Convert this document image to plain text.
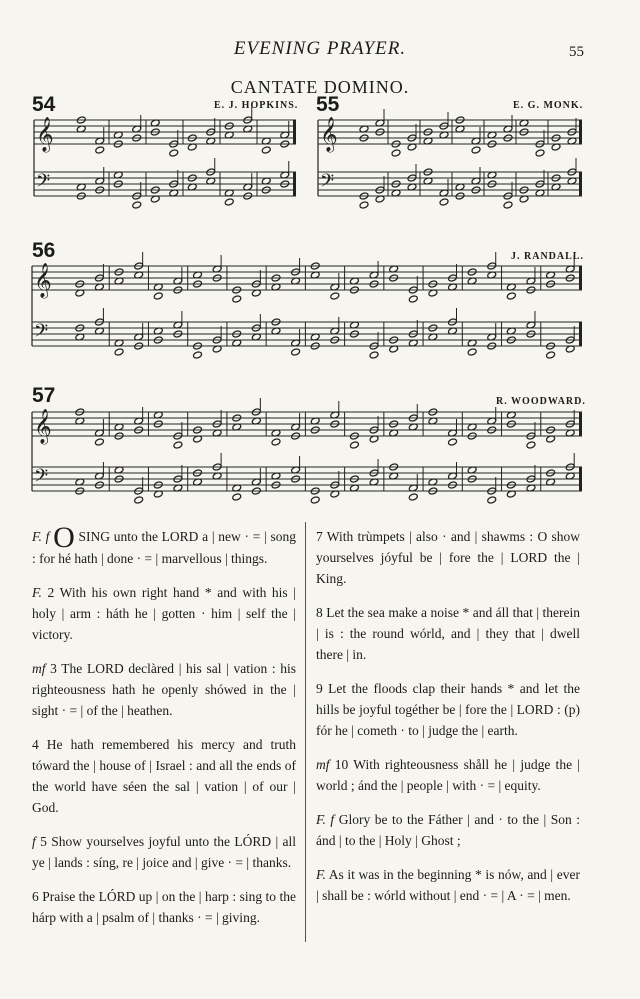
EVENING PRAYER.	55
CANTATE DOMINO.
54	E. J. HOPKINS. 55	E. G. MONK.
56	J. RANDALL.
57	R. WOODWARD.
𝄞
𝄢
𝄞
𝄢
𝄞
𝄢
𝄞
𝄢

F. f O SING unto the LORD a | new · = | song : for hé hath | done · = | marvellous | things.

F. 2 With his own right hand * and with his | holy | arm : háth he | gotten · him | self the | victory.

mf 3 The LORD declàred | his sal | vation : his righteousness hath he openly shówed in the | sight · = | of the | heathen.

4 He hath remembered his mercy and truth tóward the | house of | Israel : and all the ends of the world have séen the sal | vation | of our | God.

f 5 Show yourselves joyful unto the LÓRD | all ye | lands : síng, re | joice and | give · = | thanks.

6 Praise the LÓRD up | on the | harp : sing to the hárp with a | psalm of | thanks · = | giving.

7 With trùmpets | also · and | shawms : O show yourselves jóyful be | fore the | LORD the | King.

8 Let the sea make a noise * and áll that | therein | is : the round wórld, and | they that | dwell there | in.

9 Let the floods clap their hands * and let the hills be joyful togéther be | fore the | LORD : (p) fór he | cometh · to | judge the | earth.

mf 10 With righteousness shåll he | judge the | world ; ánd the | people | with · = | equity.

F. f Glory be to the Fáther | and · to the | Son : ánd | to the | Holy | Ghost ;

F. As it was in the beginning * is nów, and | ever | shall be : wórld without | end · = | A · = | men.
